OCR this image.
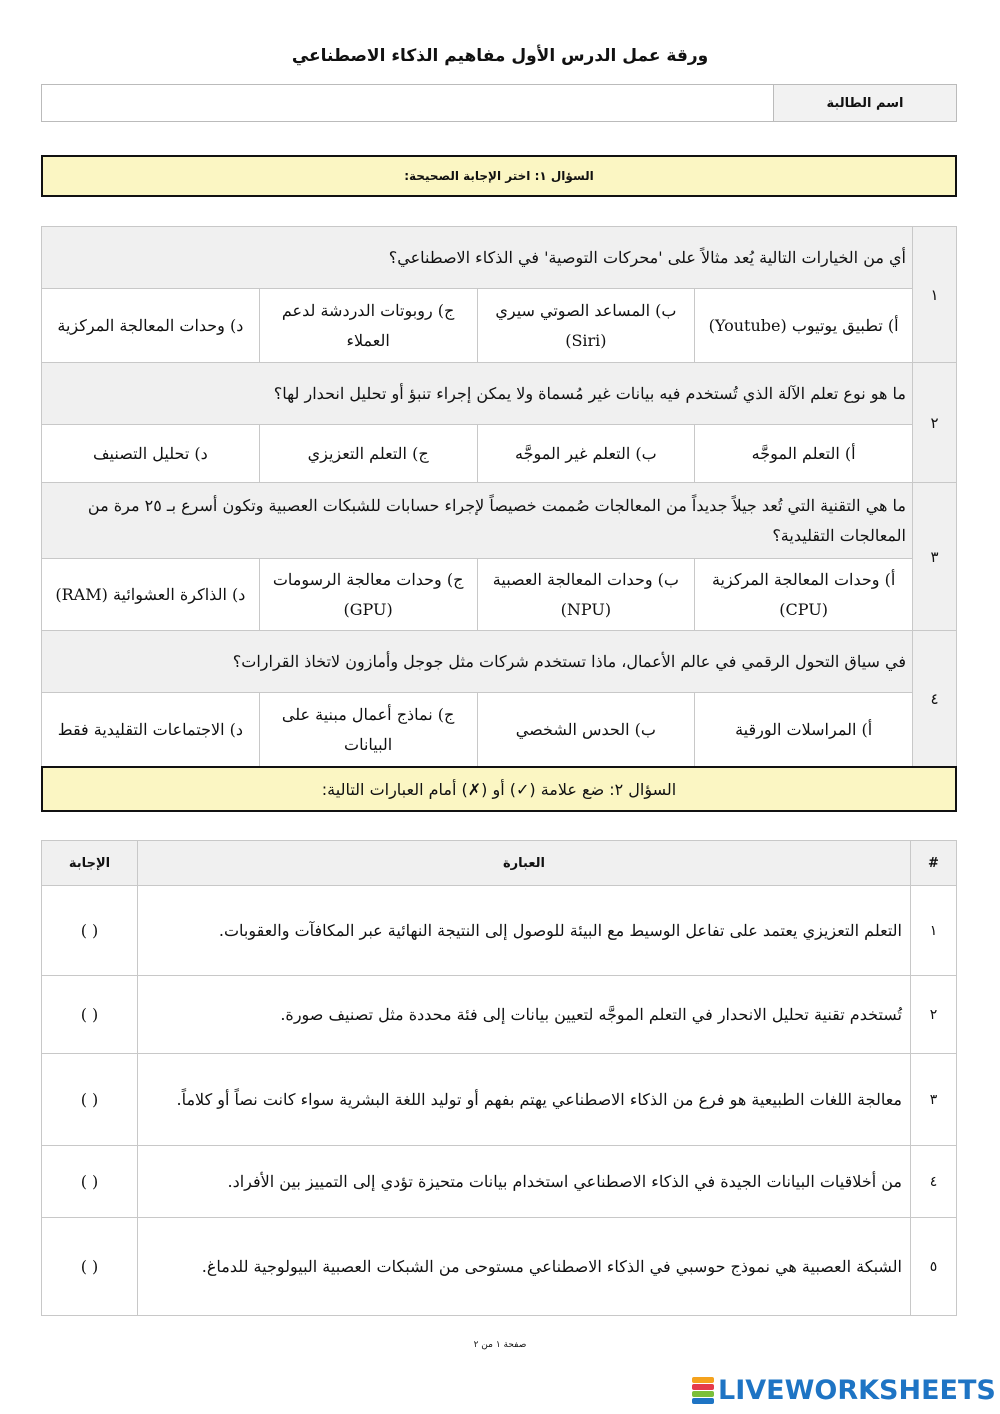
ورقة عمل الدرس الأول مفاهيم الذكاء الاصطناعي
اسم الطالبة
السؤال ١: اختر الإجابة الصحيحة:
١	أي من الخيارات التالية يُعد مثالاً على 'محركات التوصية' في الذكاء الاصطناعي؟			
	أ) تطبيق يوتيوب (Youtube)	ب) المساعد الصوتي سيري (Siri)	ج) روبوتات الدردشة لدعم العملاء	د) وحدات المعالجة المركزية
٢	ما هو نوع تعلم الآلة الذي تُستخدم فيه بيانات غير مُسماة ولا يمكن إجراء تنبؤ أو تحليل انحدار لها؟			
	أ) التعلم الموجَّه	ب) التعلم غير الموجَّه	ج) التعلم التعزيزي	د) تحليل التصنيف
٣	ما هي التقنية التي تُعد جيلاً جديداً من المعالجات صُممت خصيصاً لإجراء حسابات للشبكات العصبية وتكون أسرع بـ ٢٥ مرة من المعالجات التقليدية؟			
	أ) وحدات المعالجة المركزية (CPU)	ب) وحدات المعالجة العصبية (NPU)	ج) وحدات معالجة الرسومات (GPU)	د) الذاكرة العشوائية (RAM)
٤	في سياق التحول الرقمي في عالم الأعمال، ماذا تستخدم شركات مثل جوجل وأمازون لاتخاذ القرارات؟			
	أ) المراسلات الورقية	ب) الحدس الشخصي	ج) نماذج أعمال مبنية على البيانات	د) الاجتماعات التقليدية فقط
السؤال ٢: ضع علامة (✓) أو (✗) أمام العبارات التالية:
#	العبارة	الإجابة
١	التعلم التعزيزي يعتمد على تفاعل الوسيط مع البيئة للوصول إلى النتيجة النهائية عبر المكافآت والعقوبات.	( )
٢	تُستخدم تقنية تحليل الانحدار في التعلم الموجَّه لتعيين بيانات إلى فئة محددة مثل تصنيف صورة.	( )
٣	معالجة اللغات الطبيعية هو فرع من الذكاء الاصطناعي يهتم بفهم أو توليد اللغة البشرية سواء كانت نصاً أو كلاماً.	( )
٤	من أخلاقيات البيانات الجيدة في الذكاء الاصطناعي استخدام بيانات متحيزة تؤدي إلى التمييز بين الأفراد.	( )
٥	الشبكة العصبية هي نموذج حوسبي في الذكاء الاصطناعي مستوحى من الشبكات العصبية البيولوجية للدماغ.	( )
صفحة ١ من ٢
LIVEWORKSHEETS
